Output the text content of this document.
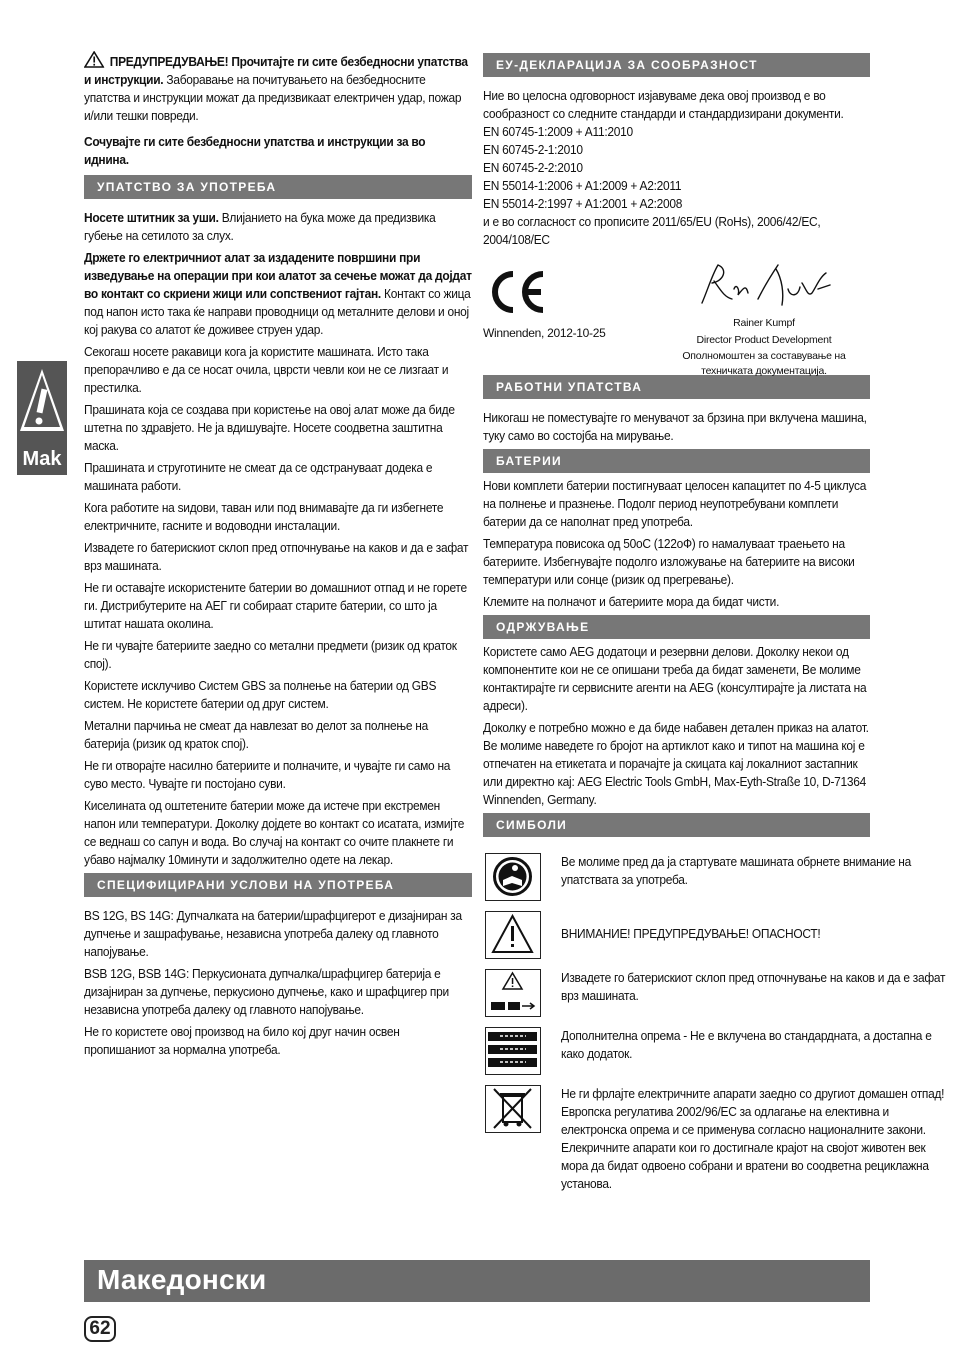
Mak

ПРЕДУПРЕДУВАЊЕ! Прочитајте ги сите безбедносни упатства и инструкции. Заборавање на почитувањето на безбедносните упатства и инструкции можат да предизвикаат електричен удар, пожар и/или тешки повреди.

Сочувајте ги сите безбедносни упатства и инструкции за во иднина.

УПАТСТВО ЗА УПОТРЕБА

Носете штитник за уши. Влијанието на бука може да предизвика губење на сетилото за слух.

Држете го електричниот алат за издадените површини при изведување на операции при кои алатот за сечење можат да дојдат во контакт со скриени жици или сопствениот гајтан. Контакт со жица под напон исто така ќе направи проводници од металните делови и оној кој ракува со алатот ќе доживее струен удар.

Секогаш носете ракавици кога ја користите машината. Исто така препорачливо е да се носат очила, цврсти чевли кои не се лизгаат и престилка.

Прашината која се создава при користење на овој алат може да биде штетна по здравјето. Не ја вдишувајте. Носете соодветна заштитна маска.

Прашината и струготините не смеат да се одстрануваат додека е машината работи.

Кога работите на ѕидови, таван или под внимавајте да ги избегнете електричните, гасните и водоводни инсталации.

Извадете го батерискиот склоп пред отпочнување на каков и да е зафат врз машината.

Не ги оставајте искористените батерии во домашниот отпад и не горете ги. Дистрибутерите на АЕГ ги собираат старите батерии, со што ја штитат нашата околина.

Не ги чувајте батериите заедно со метални предмети (ризик од краток спој).

Користете исклучиво Систем GBS за полнење на батерии од GBS систем. Не користете батерии од друг систем.

Метални парчиња не смеат да навлезат во делот за полнење на батерија (ризик од краток спој).

Не ги отворајте насилно батериите и полначите, и чувајте ги само на суво место. Чувајте ги постојано суви.

Киселината од оштетените батерии може да истече при екстремен напон или температури. Доколку дојдете во контакт со исатата, измијте се веднаш со сапун и вода. Во случај на контакт со очите плакнете ги убаво најмалку 10минути и задолжително одете на лекар.

СПЕЦИФИЦИРАНИ УСЛОВИ НА УПОТРЕБА

BS 12G, BS 14G: Дупчалката на батерии/шрафцигерот е дизајниран за дупчење и зашрафување, независна употреба далеку од главното напојување.

BSB 12G, BSB 14G: Перкусионата дупчалка/шрафцигер батерија е дизајниран за дупчење, перкусионо дупчење, како и шрафцигер при независна употреба далеку од главното напојување.

Не го користете овој производ на било кој друг начин освен пропишаниот за нормална употреба.

ЕУ-ДЕКЛАРАЦИЈА ЗА СООБРАЗНОСТ

Ние во целосна одговорност изјавуваме дека овој производ е во сообразност со следните стандарди и стандардизирани документи.

EN 60745-1:2009 + A11:2010

EN 60745-2-1:2010

EN 60745-2-2:2010

EN 55014-1:2006 + A1:2009 + A2:2011

EN 55014-2:1997 + A1:2001 + A2:2008

и е во согласност со прописите 2011/65/EU (RoHs), 2006/42/EC, 2004/108/EC

Winnenden, 2012-10-25
Rainer Kumpf
Director Product Development
Ополномоштен за составување на техничката документација.
РАБОТНИ УПАТСТВА

Никогаш не поместувајте го менувачот за брзина при вклучена машина, туку само во состојба на мирување.

БАТЕРИИ

Нови комплети батерии постигнуваат целосен капацитет по 4-5 циклуса на полнење и празнење. Подолг период неупотребувани комплети батерии да се наполнат пред употреба.

Температура повисока од 50оС (122оФ) го намалуваат траењето на батериите. Избегнувајте подолго изложување на батериите на високи температури или сонце (ризик од прегревање).

Клемите на полначот и батериите мора да бидат чисти.

ОДРЖУВАЊЕ

Користете само AEG додатоци и резервни делови. Доколку некои од компонентите кои не се опишани треба да бидат заменети, Ве молиме контактирајте ги сервисните агенти на AEG (консултирајте ја листата на адреси).

Доколку е потребно можно е да биде набавен детален приказ на алатот. Ве молиме наведете го бројот на артиклот како и типот на машина кој е отпечатен на етикетата и порачајте ја скицата кај локалниот застапник или директно кај: AEG Electric Tools GmbH, Max-Eyth-Straße 10, D-71364 Winnenden, Germany.

СИМБОЛИ

Ве молиме пред да ја стартувате машината обрнете внимание на упатствата за употреба.

ВНИМАНИЕ! ПРЕДУПРЕДУВАЊЕ! ОПАСНОСТ!

Извадете го батерискиот склоп пред отпочнување на каков и да е зафат врз машината.

Дополнителна опрема - Не е вклучена во стандардната, а достапна е како додаток.

Не ги фрлајте електричните апарати заедно со другиот домашен отпад! Европска регулатива 2002/96/EC за одлагање на елективна и електронска опрема и се применува согласно националните закони. Елекричните апарати кои го достигнале крајот на својот животен век мора да бидат одвоено собрани и вратени во соодветна рециклажна установа.

Македонски
62
